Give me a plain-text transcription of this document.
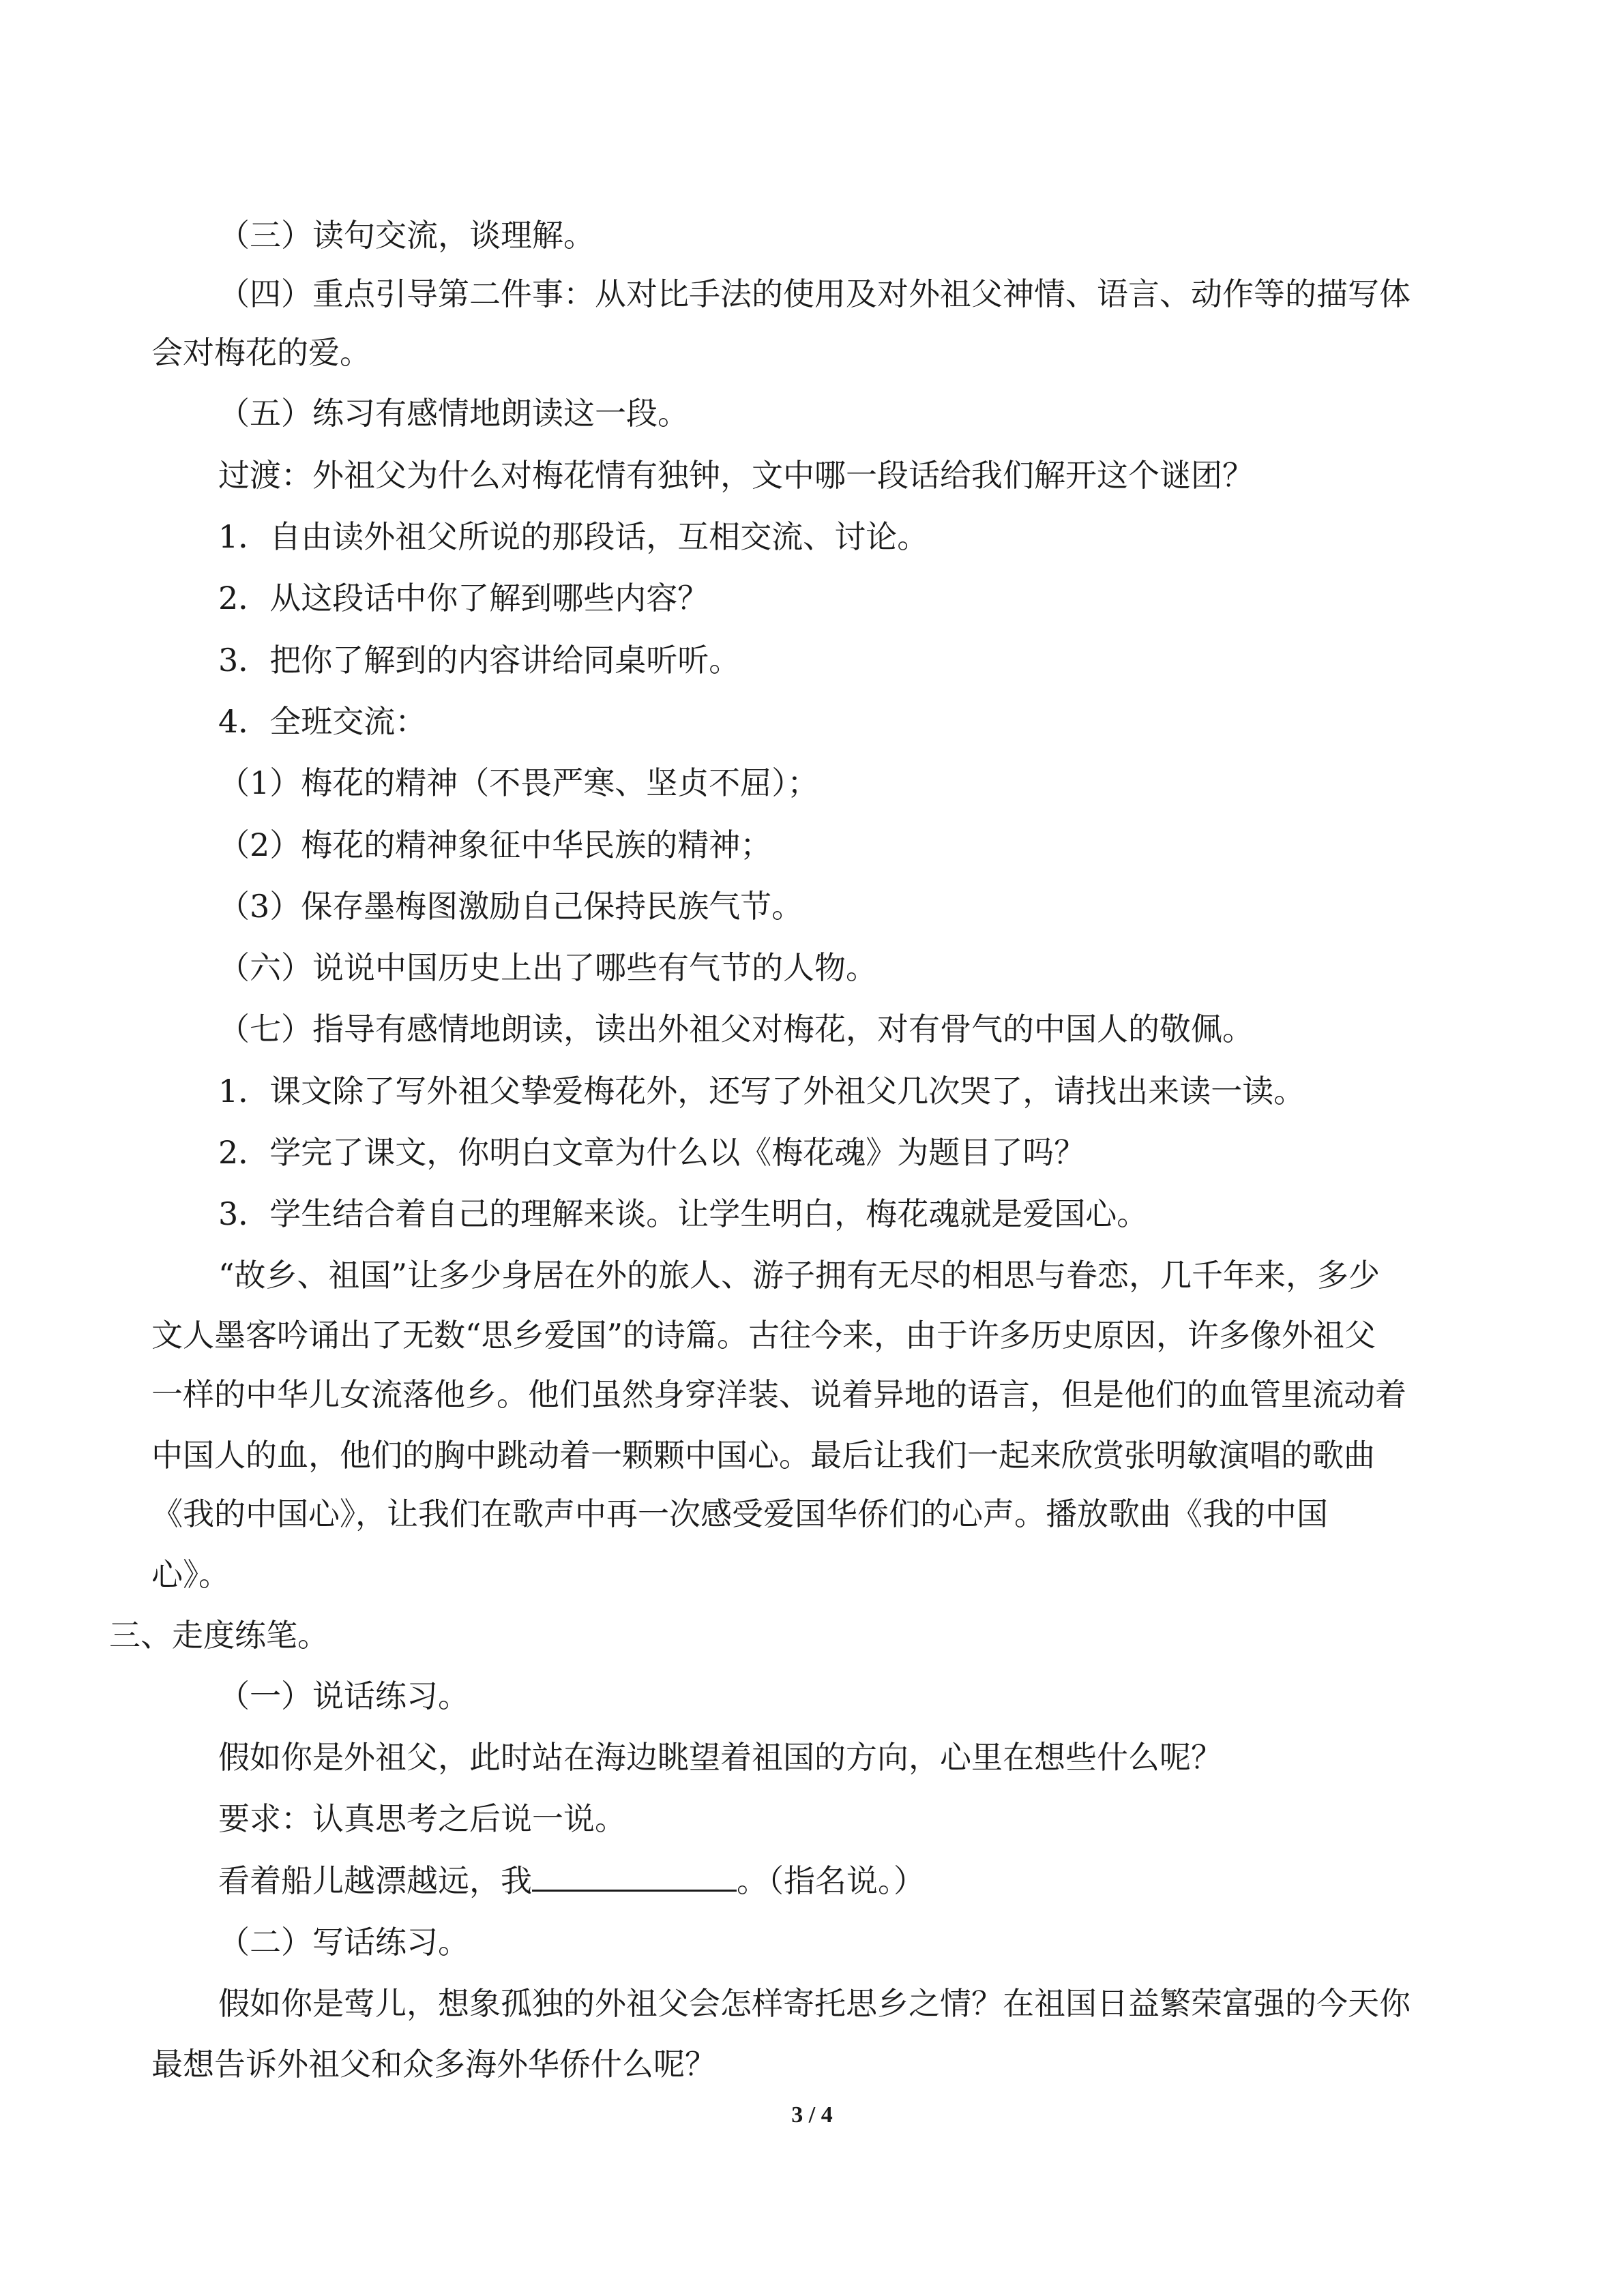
（三）读句交流，谈理解。
（四）重点引导第二件事：从对比手法的使用及对外祖父神情、语言、动作等的描写体
会对梅花的爱。
（五）练习有感情地朗读这一段。
过渡：外祖父为什么对梅花情有独钟，文中哪一段话给我们解开这个谜团？
1．自由读外祖父所说的那段话，互相交流、讨论。
2．从这段话中你了解到哪些内容？
3．把你了解到的内容讲给同桌听听。
4．全班交流：
（1）梅花的精神（不畏严寒、坚贞不屈）；
（2）梅花的精神象征中华民族的精神；
（3）保存墨梅图激励自己保持民族气节。
（六）说说中国历史上出了哪些有气节的人物。
（七）指导有感情地朗读，读出外祖父对梅花，对有骨气的中国人的敬佩。
1．课文除了写外祖父挚爱梅花外，还写了外祖父几次哭了，请找出来读一读。
2．学完了课文，你明白文章为什么以《梅花魂》为题目了吗？
3．学生结合着自己的理解来谈。让学生明白，梅花魂就是爱国心。
“故乡、祖国”让多少身居在外的旅人、游子拥有无尽的相思与眷恋，几千年来，多少
文人墨客吟诵出了无数“思乡爱国”的诗篇。古往今来，由于许多历史原因，许多像外祖父
一样的中华儿女流落他乡。他们虽然身穿洋装、说着异地的语言，但是他们的血管里流动着
中国人的血，他们的胸中跳动着一颗颗中国心。最后让我们一起来欣赏张明敏演唱的歌曲
《我的中国心》，让我们在歌声中再一次感受爱国华侨们的心声。播放歌曲《我的中国
心》。
三、走度练笔。
（一）说话练习。
假如你是外祖父，此时站在海边眺望着祖国的方向，心里在想些什么呢？
要求：认真思考之后说一说。
看着船儿越漂越远，我	。（指名说。）
（二）写话练习。
假如你是莺儿，想象孤独的外祖父会怎样寄托思乡之情？在祖国日益繁荣富强的今天你
最想告诉外祖父和众多海外华侨什么呢？
3 / 4
